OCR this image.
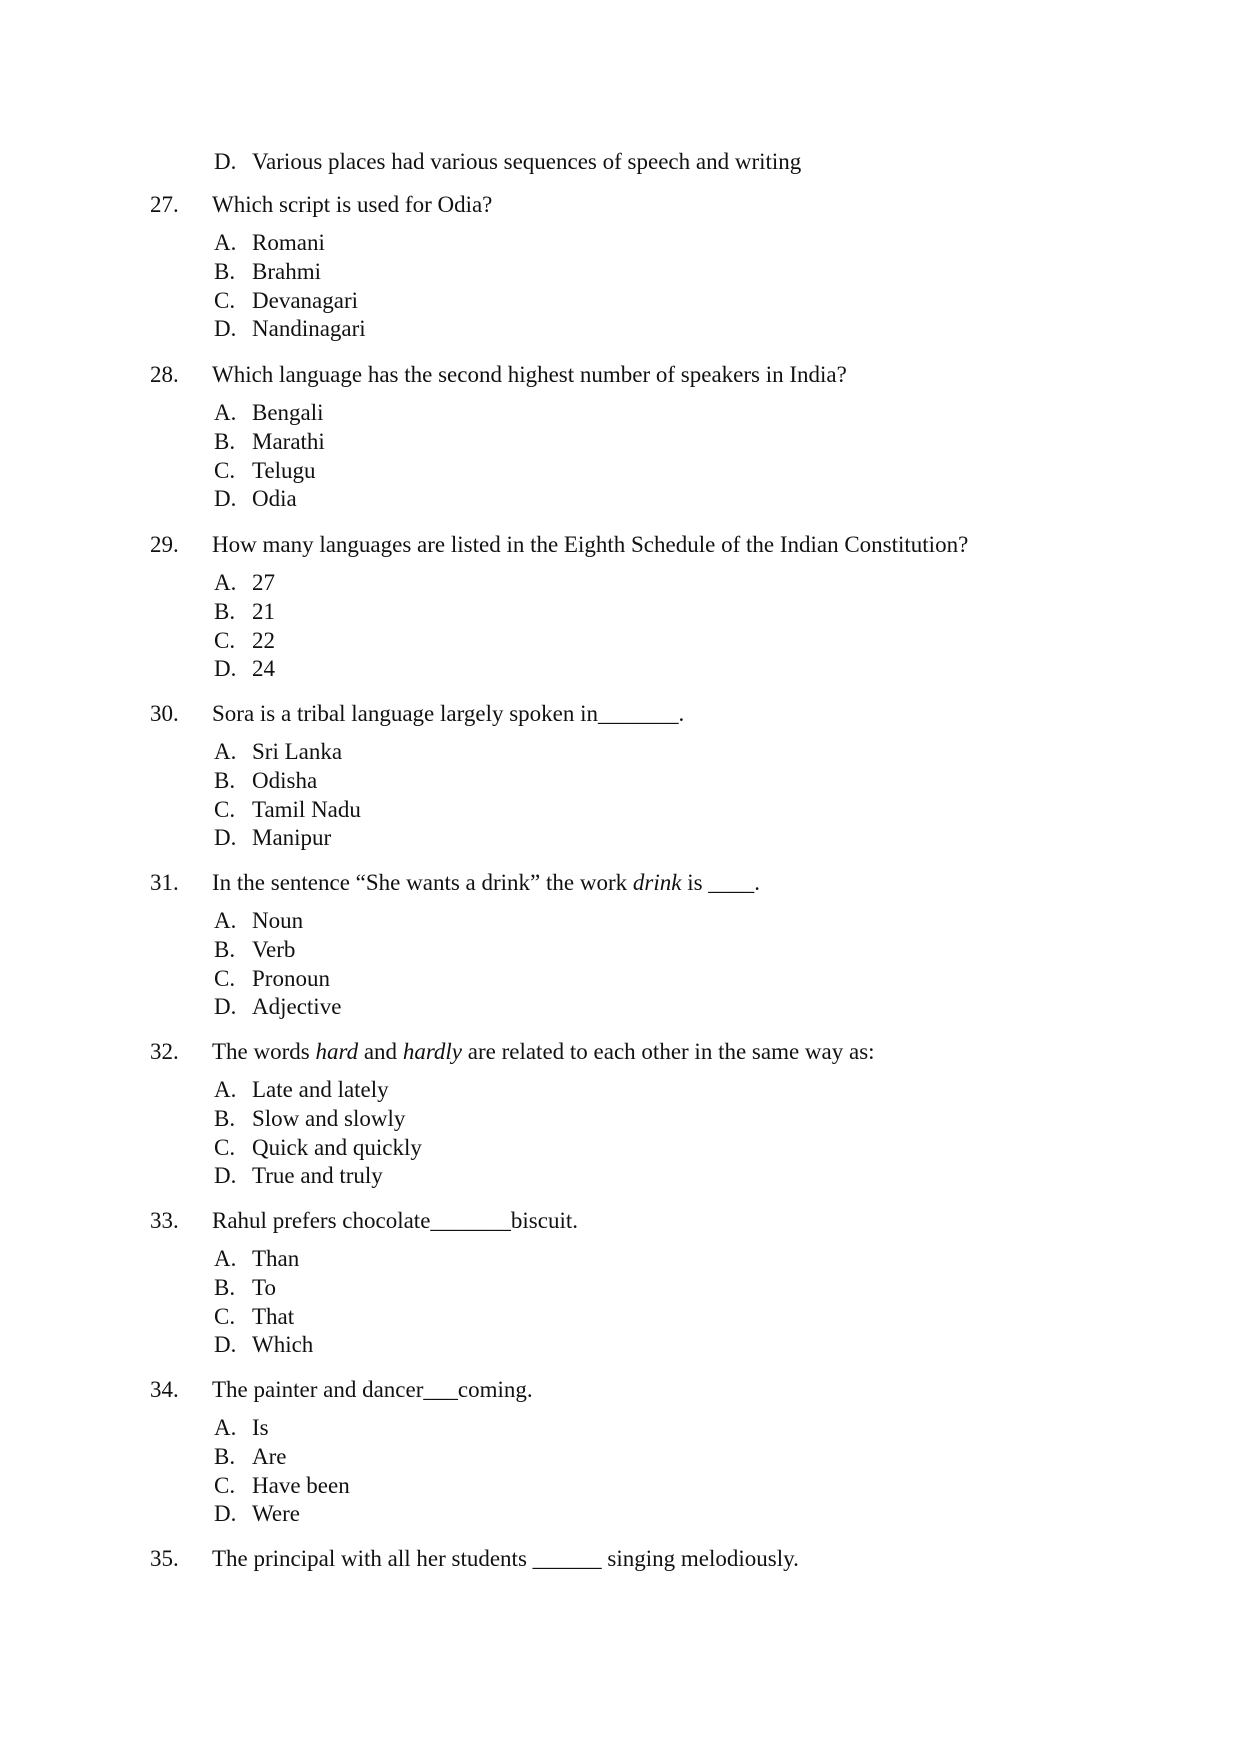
D. Various places had various sequences of speech and writing
27. Which script is used for Odia?
A. Romani
B. Brahmi
C. Devanagari
D. Nandinagari
28. Which language has the second highest number of speakers in India?
A. Bengali
B. Marathi
C. Telugu
D. Odia
29. How many languages are listed in the Eighth Schedule of the Indian Constitution?
A. 27
B. 21
C. 22
D. 24
30. Sora is a tribal language largely spoken in_______.
A. Sri Lanka
B. Odisha
C. Tamil Nadu
D. Manipur
31. In the sentence “She wants a drink” the work drink is ____.
A. Noun
B. Verb
C. Pronoun
D. Adjective
32. The words hard and hardly are related to each other in the same way as:
A. Late and lately
B. Slow and slowly
C. Quick and quickly
D. True and truly
33. Rahul prefers chocolate_______biscuit.
A. Than
B. To
C. That
D. Which
34. The painter and dancer___coming.
A. Is
B. Are
C. Have been
D. Were
35. The principal with all her students ______ singing melodiously.
